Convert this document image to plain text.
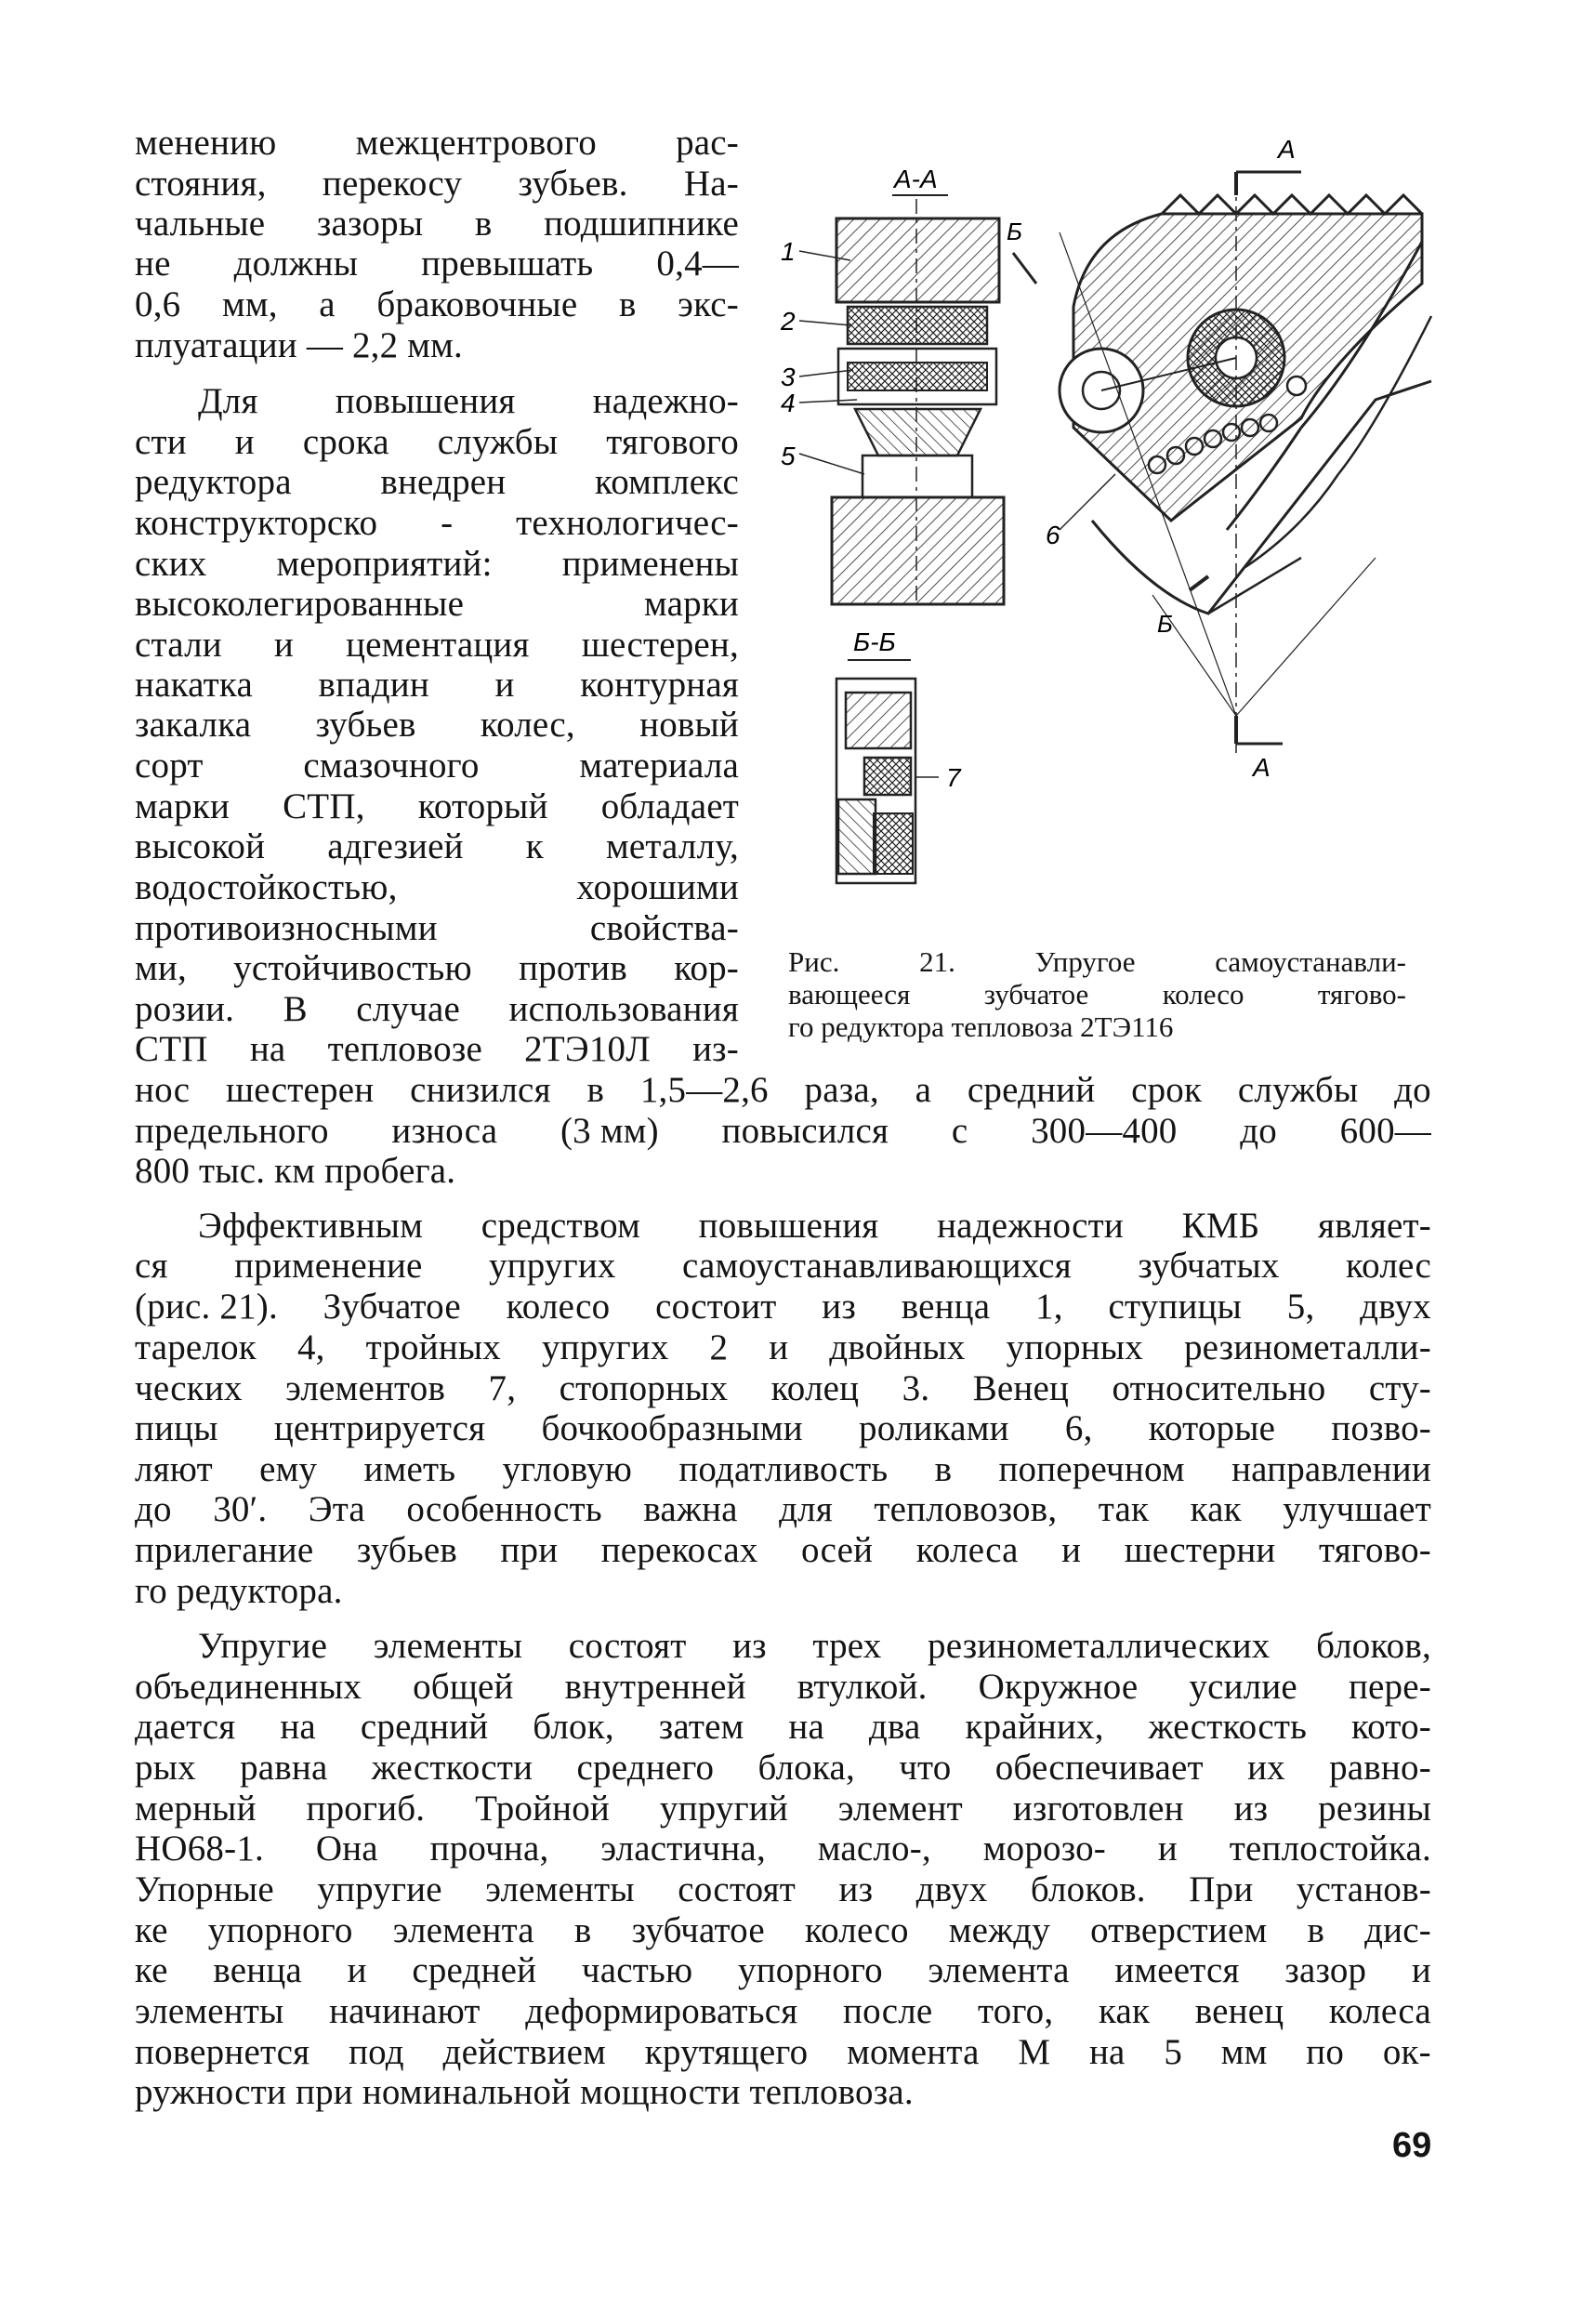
менению межцентрового рас-
стояния, перекосу зубьев. На-
чальные зазоры в подшипнике
не должны превышать 0,4—
0,6 мм, а браковочные в экс-
плуатации — 2,2 мм.
Для повышения надежно-
сти и срока службы тягового
редуктора внедрен комплекс
конструкторско - технологичес-
ских мероприятий: применены
высоколегированные	марки
стали и цементация шестерен,
накатка впадин и контурная
закалка зубьев колес, новый
сорт	смазочного	материала
марки СТП, который обладает
высокой адгезией к металлу,
водостойкостью,	хорошими
противоизносными	свойства-
ми, устойчивостью против кор-
розии. В случае использования
СТП на тепловозе 2ТЭ10Л из-
нос шестерен снизился в 1,5—2,6 раза, а средний срок службы до
предельного износа (3 мм) повысился с 300—400 до 600—
800 тыс. км пробега.
Эффективным средством повышения надежности КМБ являет-
ся применение упругих самоустанавливающихся зубчатых колес
(рис. 21). Зубчатое колесо состоит из венца 1, ступицы 5, двух
тарелок 4, тройных упругих 2 и двойных упорных резинометалли-
ческих элементов 7, стопорных колец 3. Венец относительно сту-
пицы центрируется бочкообразными роликами 6, которые позво-
ляют ему иметь угловую податливость в поперечном направлении
до 30′. Эта особенность важна для тепловозов, так как улучшает
прилегание зубьев при перекосах осей колеса и шестерни тягово-
го редуктора.
Упругие элементы состоят из трех резинометаллических блоков,
объединенных общей внутренней втулкой. Окружное усилие пере-
дается на средний блок, затем на два крайних, жесткость кото-
рых равна жесткости среднего блока, что обеспечивает их равно-
мерный прогиб. Тройной упругий элемент изготовлен из резины
НО68-1. Она прочна, эластична, масло-, морозо- и теплостойка.
Упорные упругие элементы состоят из двух блоков. При установ-
ке упорного элемента в зубчатое колесо между отверстием в дис-
ке венца и средней частью упорного элемента имеется зазор и
элементы начинают деформироваться после того, как венец колеса
повернется под действием крутящего момента M на 5 мм по ок-
ружности при номинальной мощности тепловоза.
Рис.	21.	Упругое	самоустанавли-
вающееся	зубчатое	колесо	тягово-
го редуктора тепловоза 2ТЭ116
А-А
1
2
3
4
5
Б
А
А
6
Б
Б-Б
7
69
